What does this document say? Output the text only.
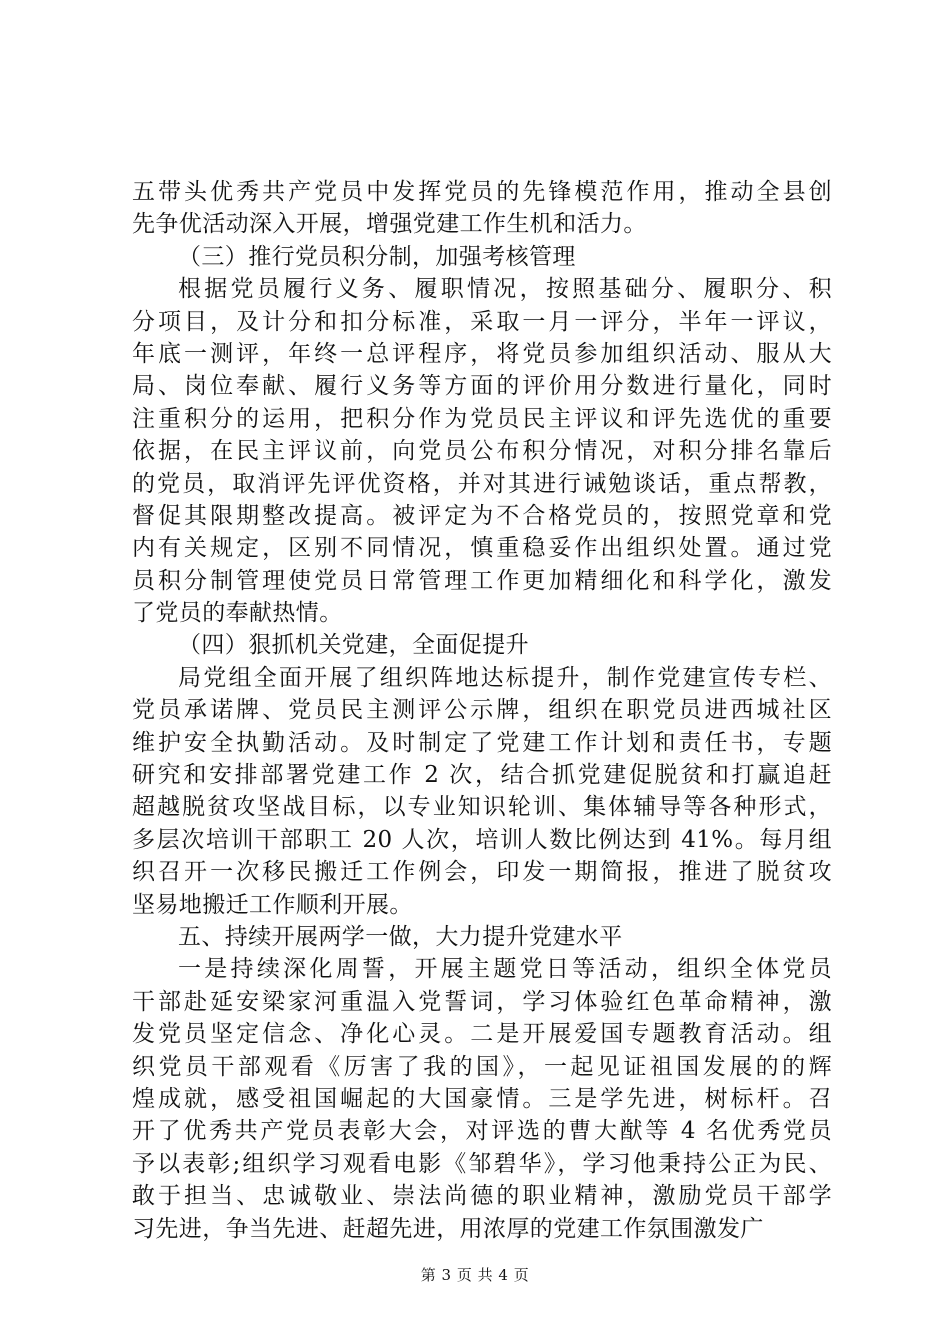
五带头优秀共产党员中发挥党员的先锋模范作用，推动全县创
先争优活动深入开展，增强党建工作生机和活力。
（三）推行党员积分制，加强考核管理
根据党员履行义务、履职情况，按照基础分、履职分、积
分项目，及计分和扣分标准，采取一月一评分，半年一评议，
年底一测评，年终一总评程序，将党员参加组织活动、服从大
局、岗位奉献、履行义务等方面的评价用分数进行量化，同时
注重积分的运用，把积分作为党员民主评议和评先选优的重要
依据，在民主评议前，向党员公布积分情况，对积分排名靠后
的党员，取消评先评优资格，并对其进行诫勉谈话，重点帮教，
督促其限期整改提高。被评定为不合格党员的，按照党章和党
内有关规定，区别不同情况，慎重稳妥作出组织处置。通过党
员积分制管理使党员日常管理工作更加精细化和科学化，激发
了党员的奉献热情。
（四）狠抓机关党建，全面促提升
局党组全面开展了组织阵地达标提升，制作党建宣传专栏、
党员承诺牌、党员民主测评公示牌，组织在职党员进西城社区
维护安全执勤活动。及时制定了党建工作计划和责任书，专题
研究和安排部署党建工作 2 次，结合抓党建促脱贫和打赢追赶
超越脱贫攻坚战目标，以专业知识轮训、集体辅导等各种形式，
多层次培训干部职工 20 人次，培训人数比例达到 41%。每月组
织召开一次移民搬迁工作例会，印发一期简报，推进了脱贫攻
坚易地搬迁工作顺利开展。
五、持续开展两学一做，大力提升党建水平
一是持续深化周誓，开展主题党日等活动，组织全体党员
干部赴延安梁家河重温入党誓词，学习体验红色革命精神，激
发党员坚定信念、净化心灵。二是开展爱国专题教育活动。组
织党员干部观看《厉害了我的国》，一起见证祖国发展的的辉
煌成就，感受祖国崛起的大国豪情。三是学先进，树标杆。召
开了优秀共产党员表彰大会，对评选的曹大猷等 4 名优秀党员
予以表彰;组织学习观看电影《邹碧华》，学习他秉持公正为民、
敢于担当、忠诚敬业、崇法尚德的职业精神，激励党员干部学
习先进，争当先进、赶超先进，用浓厚的党建工作氛围激发广
第 3 页 共 4 页
